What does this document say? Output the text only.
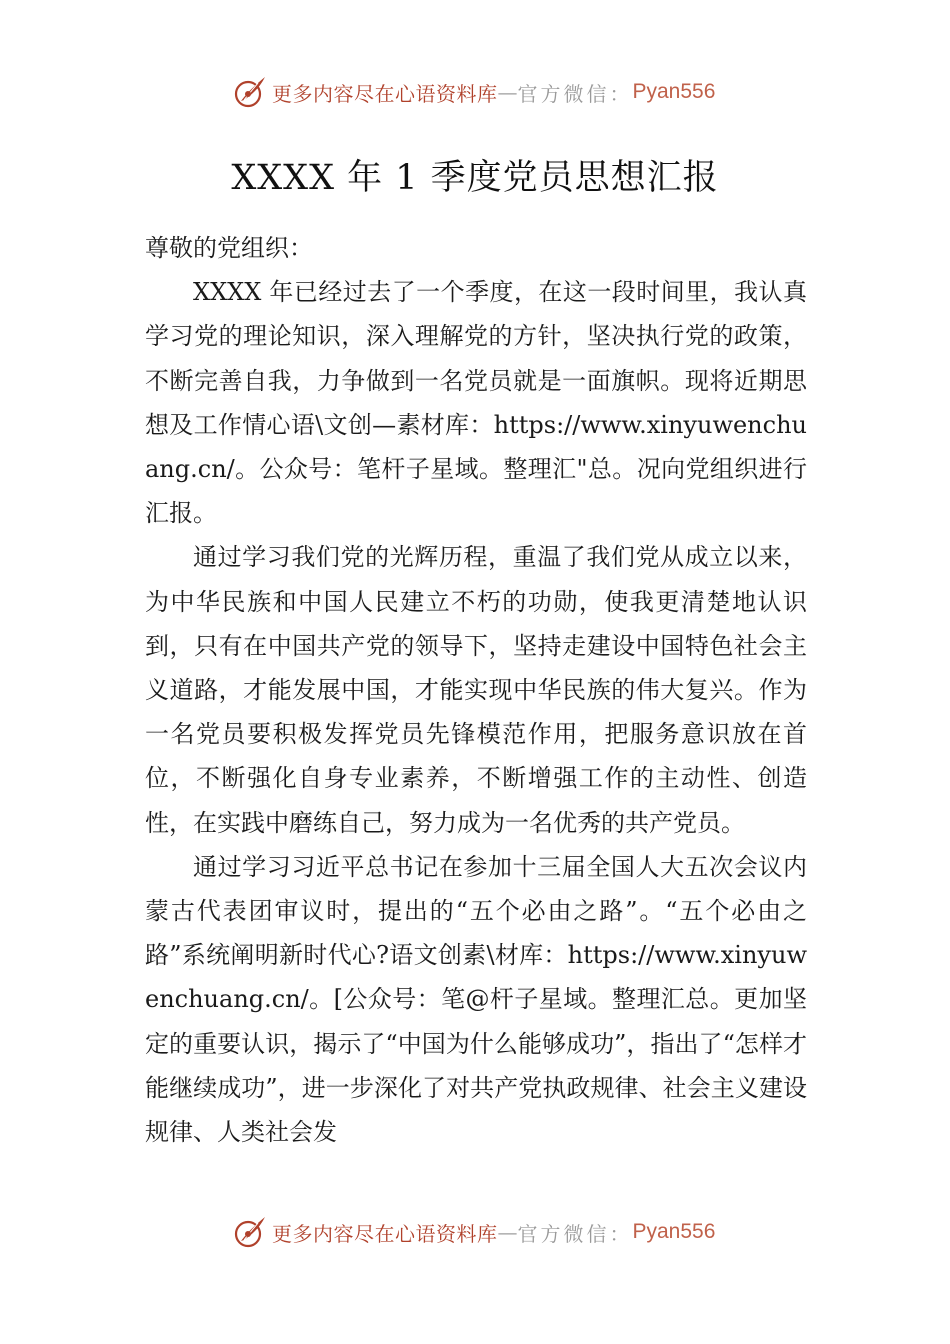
更多内容尽在心语资料库 — 官方微信： Pyan556
XXXX 年 1 季度党员思想汇报

尊敬的党组织：

XXXX 年已经过去了一个季度，在这一段时间里，我认真学习党的理论知识，深入理解党的方针，坚决执行党的政策，不断完善自我，力争做到一名党员就是一面旗帜。现将近期思想及工作情心语\文创—素材库：https://www.xinyuwenchuang.cn/。公众号：笔杆子星域。整理汇"总。况向党组织进行汇报。

通过学习我们党的光辉历程，重温了我们党从成立以来，为中华民族和中国人民建立不朽的功勋，使我更清楚地认识到，只有在中国共产党的领导下，坚持走建设中国特色社会主义道路，才能发展中国，才能实现中华民族的伟大复兴。作为一名党员要积极发挥党员先锋模范作用，把服务意识放在首位，不断强化自身专业素养，不断增强工作的主动性、创造性，在实践中磨练自己，努力成为一名优秀的共产党员。

通过学习习近平总书记在参加十三届全国人大五次会议内蒙古代表团审议时，提出的“五个必由之路”。“五个必由之路”系统阐明新时代心?语文创素\材库：https://www.xinyuwenchuang.cn/。[公众号：笔@杆子星域。整理汇总。更加坚定的重要认识，揭示了“中国为什么能够成功”，指出了“怎样才能继续成功”，进一步深化了对共产党执政规律、社会主义建设规律、人类社会发

更多内容尽在心语资料库 — 官方微信： Pyan556
